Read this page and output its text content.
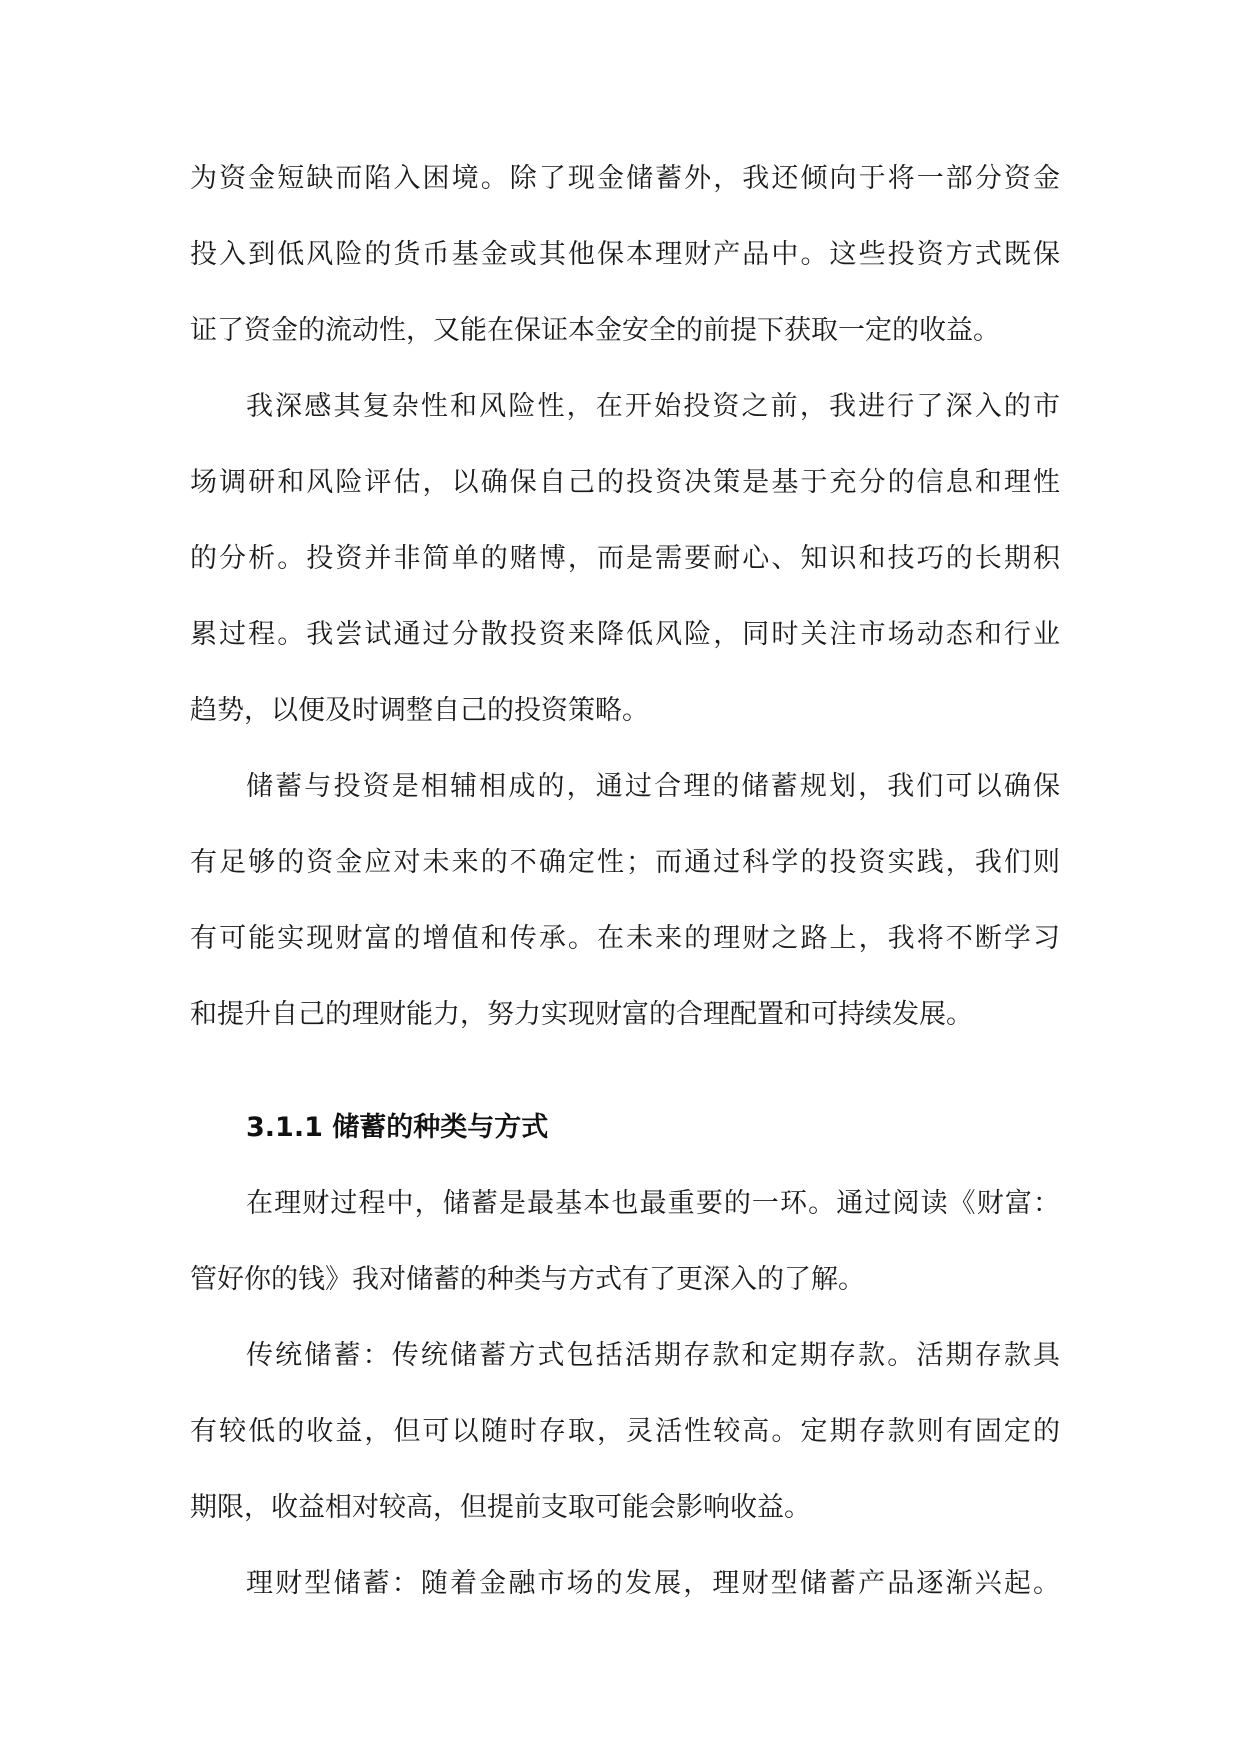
为资金短缺而陷入困境。除了现金储蓄外，我还倾向于将一部分资金
投入到低风险的货币基金或其他保本理财产品中。这些投资方式既保
证了资金的流动性，又能在保证本金安全的前提下获取一定的收益。
我深感其复杂性和风险性，在开始投资之前，我进行了深入的市
场调研和风险评估，以确保自己的投资决策是基于充分的信息和理性
的分析。投资并非简单的赌博，而是需要耐心、知识和技巧的长期积
累过程。我尝试通过分散投资来降低风险，同时关注市场动态和行业
趋势，以便及时调整自己的投资策略。
储蓄与投资是相辅相成的，通过合理的储蓄规划，我们可以确保
有足够的资金应对未来的不确定性；而通过科学的投资实践，我们则
有可能实现财富的增值和传承。在未来的理财之路上，我将不断学习
和提升自己的理财能力，努力实现财富的合理配置和可持续发展。
3.1.1 储蓄的种类与方式
在理财过程中，储蓄是最基本也最重要的一环。通过阅读《财富：
管好你的钱》我对储蓄的种类与方式有了更深入的了解。
传统储蓄：传统储蓄方式包括活期存款和定期存款。活期存款具
有较低的收益，但可以随时存取，灵活性较高。定期存款则有固定的
期限，收益相对较高，但提前支取可能会影响收益。
理财型储蓄：随着金融市场的发展，理财型储蓄产品逐渐兴起。
